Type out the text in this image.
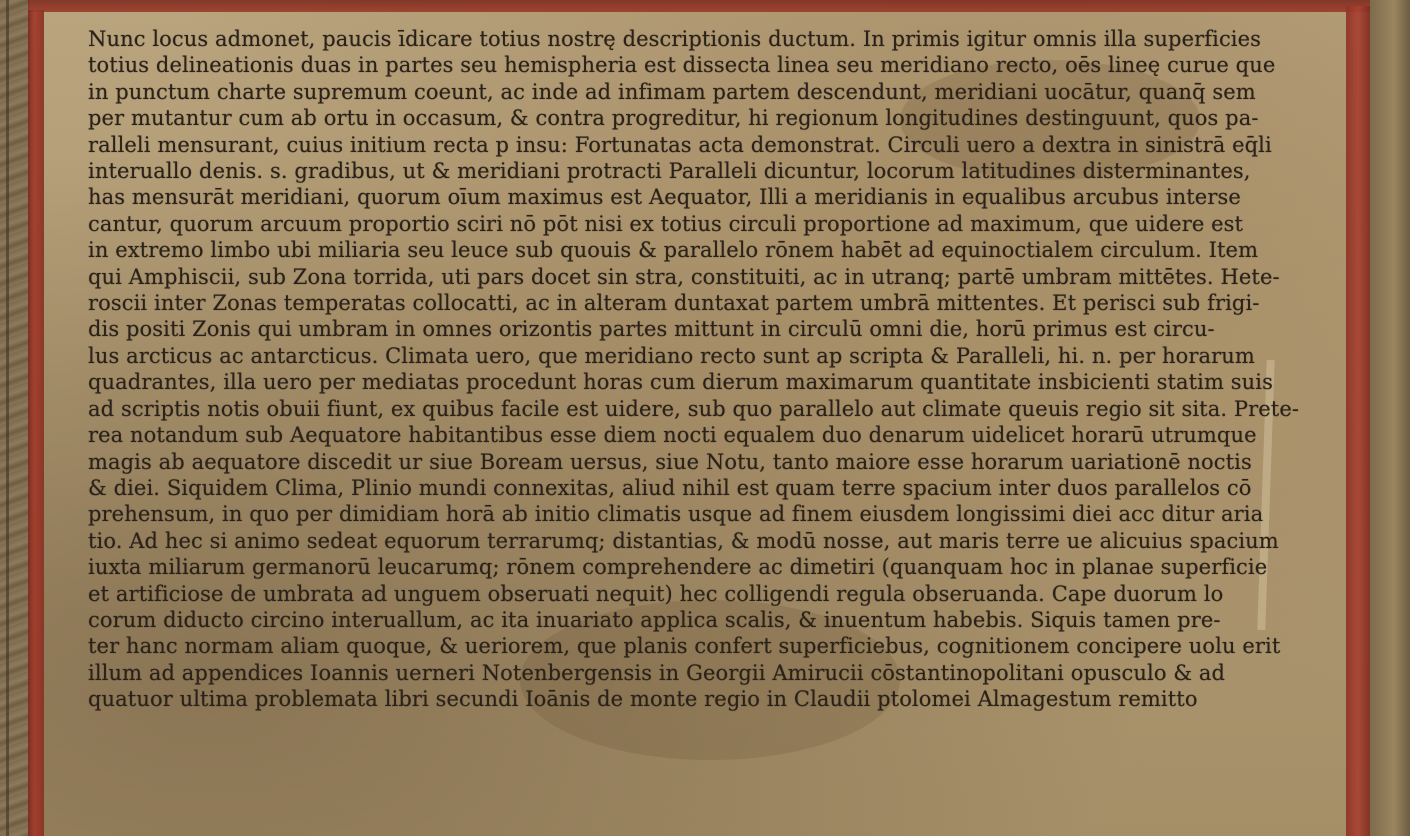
Nunc locus admonet, paucis īdicare totius nostrę descriptionis ductum. In primis igitur omnis illa superficies
totius delineationis duas in partes seu hemispheria est dissecta linea seu meridiano recto, oēs lineę curue que
in punctum charte supremum coeunt, ac inde ad infimam partem descendunt, meridiani uocātur, quanq̄ sem
per mutantur cum ab ortu in occasum, & contra progreditur, hi regionum longitudines destinguunt, quos pa-
ralleli mensurant, cuius initium recta p insu: Fortunatas acta demonstrat. Circuli uero a dextra in sinistrā eq̄li
interuallo denis. s. gradibus, ut & meridiani protracti Paralleli dicuntur, locorum latitudines disterminantes,
has mensurāt meridiani, quorum oīum maximus est Aequator, Illi a meridianis in equalibus arcubus interse
cantur, quorum arcuum proportio sciri nō pōt nisi ex totius circuli proportione ad maximum, que uidere est
in extremo limbo ubi miliaria seu leuce sub quouis & parallelo rōnem habēt ad equinoctialem circulum. Item
qui Amphiscii, sub Zona torrida, uti pars docet sin stra, constituiti, ac in utranq; partē umbram mittētes. Hete-
roscii inter Zonas temperatas collocatti, ac in alteram duntaxat partem umbrā mittentes. Et perisci sub frigi-
dis positi Zonis qui umbram in omnes orizontis partes mittunt in circulū omni die, horū primus est circu-
lus arcticus ac antarcticus. Climata uero, que meridiano recto sunt ap scripta & Paralleli, hi. n. per horarum
quadrantes, illa uero per mediatas procedunt horas cum dierum maximarum quantitate insbicienti statim suis
ad scriptis notis obuii fiunt, ex quibus facile est uidere, sub quo parallelo aut climate queuis regio sit sita. Prete-
rea notandum sub Aequatore habitantibus esse diem nocti equalem duo denarum uidelicet horarū utrumque
magis ab aequatore discedit ur siue Boream uersus, siue Notu, tanto maiore esse horarum uariationē noctis
& diei. Siquidem Clima, Plinio mundi connexitas, aliud nihil est quam terre spacium inter duos parallelos cō
prehensum, in quo per dimidiam horā ab initio climatis usque ad finem eiusdem longissimi diei acc ditur aria
tio. Ad hec si animo sedeat equorum terrarumq; distantias, & modū nosse, aut maris terre ue alicuius spacium
iuxta miliarum germanorū leucarumq; rōnem comprehendere ac dimetiri (quanquam hoc in planae superficie
et artificiose de umbrata ad unguem obseruati nequit) hec colligendi regula obseruanda. Cape duorum lo
corum diducto circino interuallum, ac ita inuariato applica scalis, & inuentum habebis. Siquis tamen pre-
ter hanc normam aliam quoque, & ueriorem, que planis confert superficiebus, cognitionem concipere uolu erit
illum ad appendices Ioannis uerneri Notenbergensis in Georgii Amirucii cōstantinopolitani opusculo & ad
quatuor ultima problemata libri secundi Ioānis de monte regio in Claudii ptolomei Almagestum remitto
